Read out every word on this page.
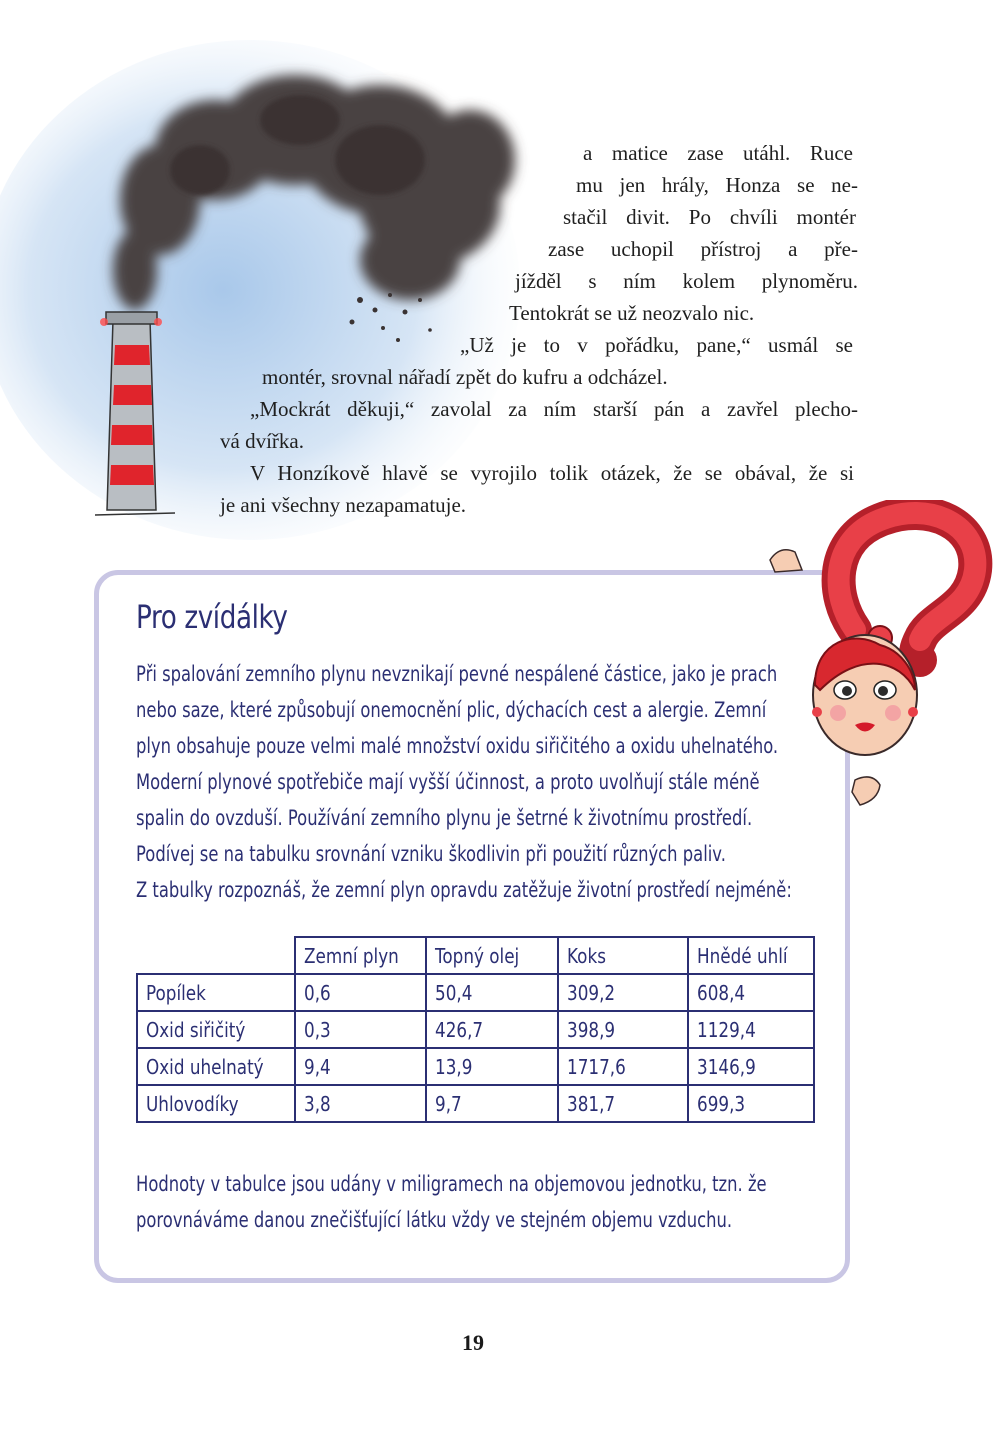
a matice zase utáhl. Ruce
mu jen hrály, Honza se ne-
stačil divit. Po chvíli montér
zase uchopil přístroj a pře-
jížděl s ním kolem plynoměru.
Tentokrát se už neozvalo nic.
„Už je to v pořádku, pane,“ usmál se
montér, srovnal nářadí zpět do kufru a odcházel.
„Mockrát děkuji,“ zavolal za ním starší pán a zavřel plecho-
vá dvířka.
V Honzíkově hlavě se vyrojilo tolik otázek, že se obával, že si
je ani všechny nezapamatuje.
Pro zvídálky
Při spalování zemního plynu nevznikají pevné nespálené částice, jako je prach
nebo saze, které způsobují onemocnění plic, dýchacích cest a alergie. Zemní
plyn obsahuje pouze velmi malé množství oxidu siřičitého a oxidu uhelnatého.
Moderní plynové spotřebiče mají vyšší účinnost, a proto uvolňují stále méně
spalin do ovzduší. Používání zemního plynu je šetrné k životnímu prostředí.
Podívej se na tabulku srovnání vzniku škodlivin při použití různých paliv.
Z tabulky rozpoznáš, že zemní plyn opravdu zatěžuje životní prostředí nejméně:
	Zemní plyn	Topný olej	Koks	Hnědé uhlí
Popílek	0,6	50,4	309,2	608,4
Oxid siřičitý	0,3	426,7	398,9	1129,4
Oxid uhelnatý	9,4	13,9	1717,6	3146,9
Uhlovodíky	3,8	9,7	381,7	699,3
Hodnoty v tabulce jsou udány v miligramech na objemovou jednotku, tzn. že
porovnáváme danou znečišťující látku vždy ve stejném objemu vzduchu.
19
